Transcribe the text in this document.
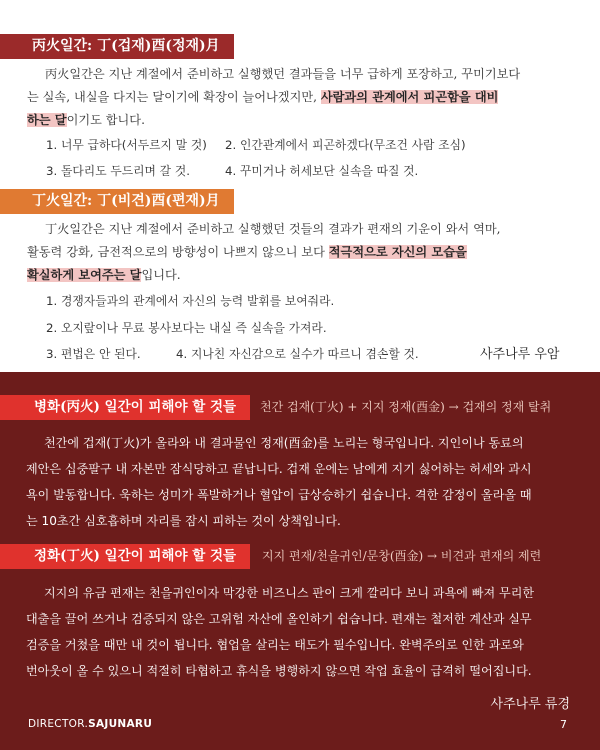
丙火일간: 丁(겁재)酉(정재)月
丙火일간은 지난 계절에서 준비하고 실행했던 결과들을 너무 급하게 포장하고, 꾸미기보다
는 실속, 내실을 다지는 달이기에 확장이 늘어나겠지만, 사람과의 관계에서 피곤함을 대비
하는 달이기도 합니다.
1. 너무 급하다(서두르지 말 것) 2. 인간관계에서 피곤하겠다(무조건 사람 조심)
3. 돌다리도 두드리며 갈 것.	4. 꾸미거나 허세보단 실속을 따질 것.
丁火일간: 丁(비견)酉(편재)月
丁火일간은 지난 계절에서 준비하고 실행했던 것들의 결과가 편재의 기운이 와서 역마,
활동력 강화, 금전적으로의 방향성이 나쁘지 않으니 보다 적극적으로 자신의 모습을
확실하게 보여주는 달입니다.
1. 경쟁자들과의 관계에서 자신의 능력 발휘를 보여줘라.
2. 오지랖이나 무료 봉사보다는 내실 즉 실속을 가져라.
3. 편법은 안 된다.	4. 지나친 자신감으로 실수가 따르니 겸손할 것.	사주나루 우암
병화(丙火) 일간이 피해야 할 것들	천간 겁재(丁火) + 지지 정재(酉金) → 겁재의 정재 탈취
천간에 겁재(丁火)가 올라와 내 결과물인 정재(酉金)를 노리는 형국입니다. 지인이나 동료의
제안은 십중팔구 내 자본만 잠식당하고 끝납니다. 겁재 운에는 남에게 지기 싫어하는 허세와 과시
욕이 발동합니다. 욱하는 성미가 폭발하거나 혈압이 급상승하기 쉽습니다. 격한 감정이 올라올 때
는 10초간 심호흡하며 자리를 잠시 피하는 것이 상책입니다.
정화(丁火) 일간이 피해야 할 것들	지지 편재/천을귀인/문창(酉金) → 비견과 편재의 제련
지지의 유금 편재는 천을귀인이자 막강한 비즈니스 판이 크게 깔리다 보니 과욕에 빠져 무리한
대출을 끌어 쓰거나 검증되지 않은 고위험 자산에 올인하기 쉽습니다. 편재는 철저한 계산과 실무
검증을 거쳤을 때만 내 것이 됩니다. 협업을 살리는 태도가 필수입니다. 완벽주의로 인한 과로와
번아웃이 올 수 있으니 적절히 타협하고 휴식을 병행하지 않으면 작업 효율이 급격히 떨어집니다.
사주나루 류경
DIRECTOR.SAJUNARU	7
